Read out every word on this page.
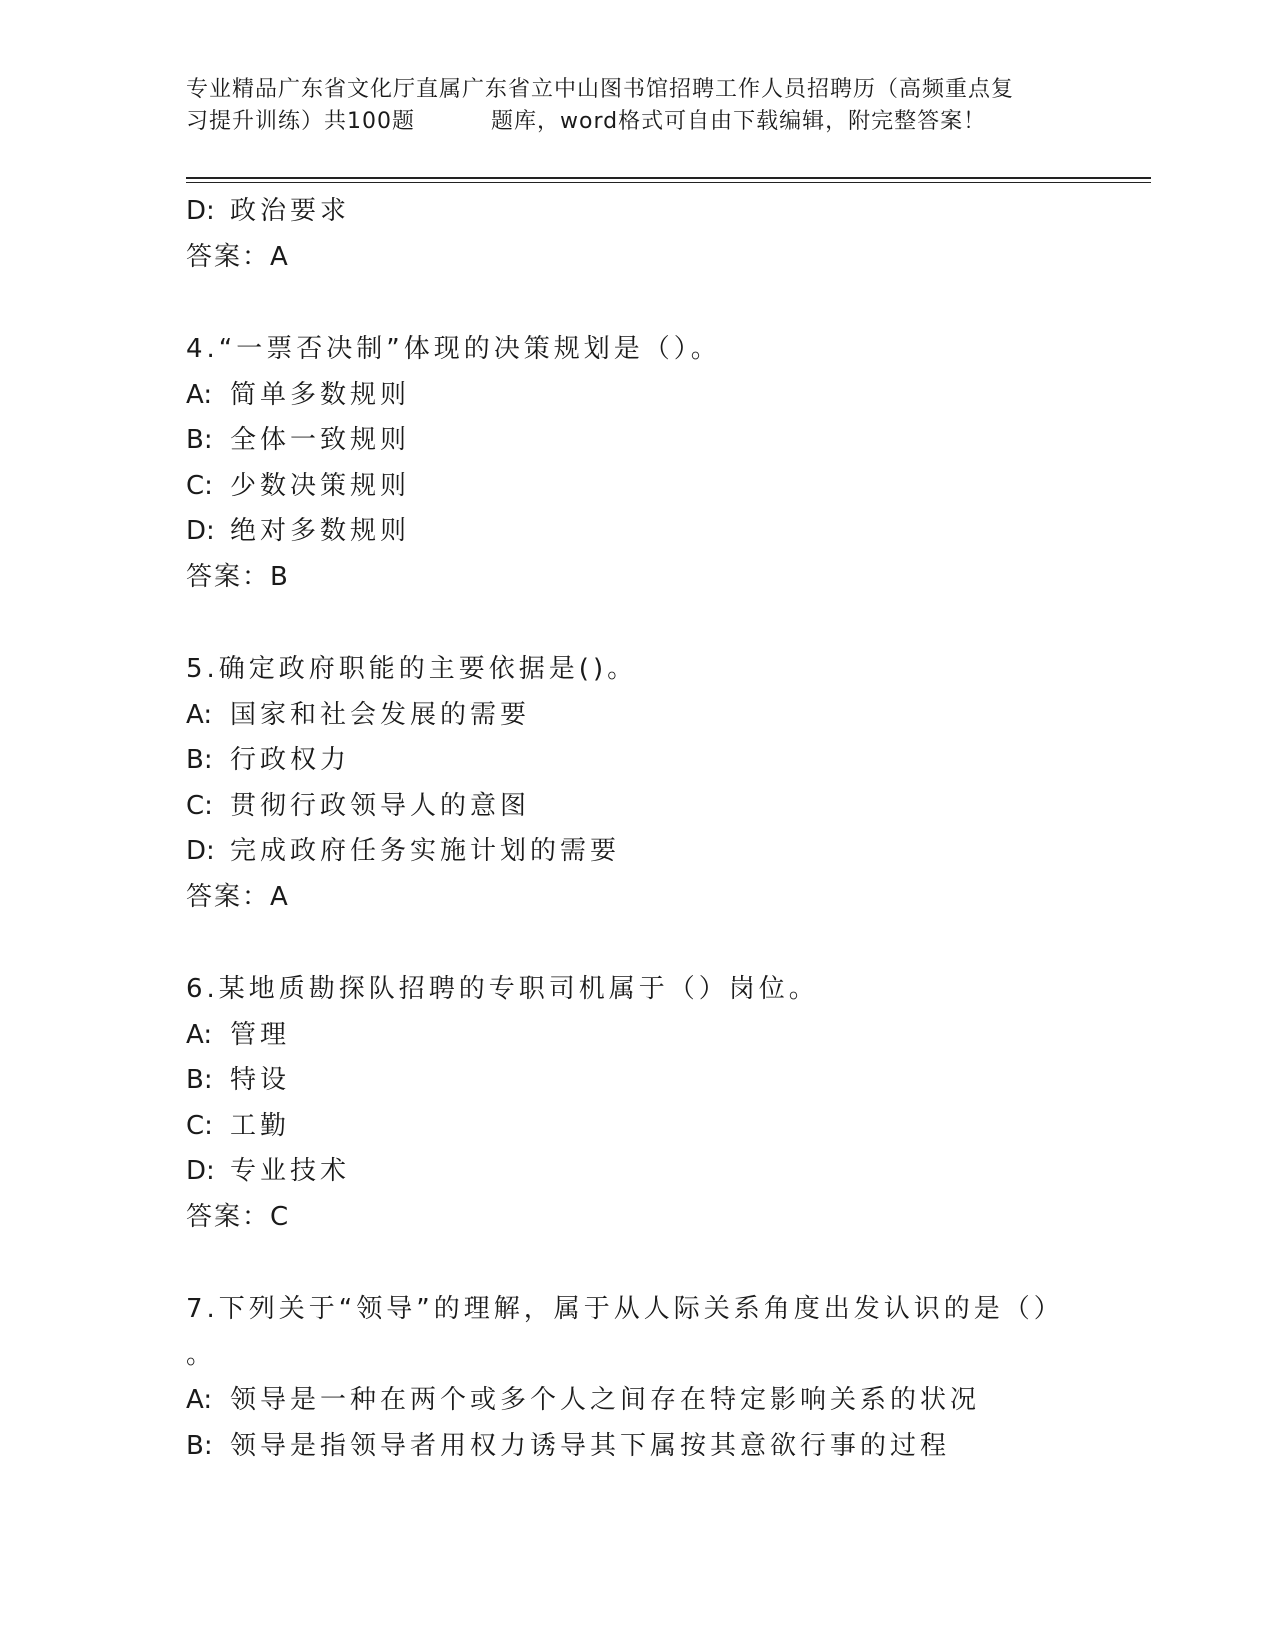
专业精品广东省文化厅直属广东省立中山图书馆招聘工作人员招聘历（高频重点复
习提升训练）共100题	题库，word格式可自由下载编辑，附完整答案！
D: 政治要求
答案：A
4.“一票否决制”体现的决策规划是（）。
A: 简单多数规则
B: 全体一致规则
C: 少数决策规则
D: 绝对多数规则
答案：B
5.确定政府职能的主要依据是()。
A: 国家和社会发展的需要
B: 行政权力
C: 贯彻行政领导人的意图
D: 完成政府任务实施计划的需要
答案：A
6.某地质勘探队招聘的专职司机属于（）岗位。
A: 管理
B: 特设
C: 工勤
D: 专业技术
答案：C
7.下列关于“领导”的理解，属于从人际关系角度出发认识的是（）
。
A: 领导是一种在两个或多个人之间存在特定影响关系的状况
B: 领导是指领导者用权力诱导其下属按其意欲行事的过程
